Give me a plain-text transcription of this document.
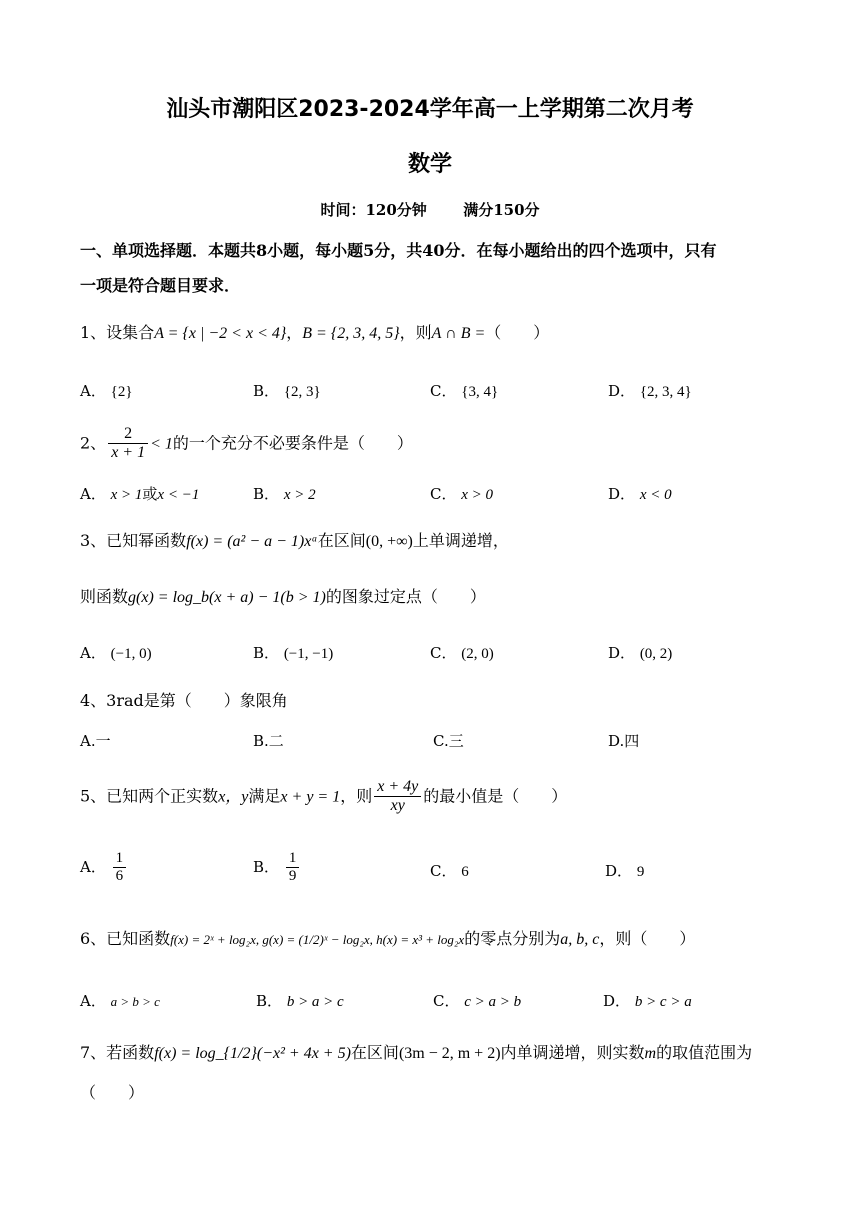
汕头市潮阳区2023-2024学年高一上学期第二次月考
数学
时间：120分钟 满分150分
一、单项选择题．本题共8小题，每小题5分，共40分．在每小题给出的四个选项中，只有
一项是符合题目要求．
1、设集合A = {x | −2 < x < 4}，B = {2, 3, 4, 5}，则A ∩ B =（　　）
A． {2}	B． {2, 3}	C． {3, 4}	D． {2, 3, 4}
2、 $\frac{2}{x + 1} < 1$的一个充分不必要条件是（　　）
A． x > 1或x < −1	B． x > 2	C． x > 0	D． x < 0
3、已知幂函数f(x) = (a² − a − 1)xᵃ在区间(0, +∞)上单调递增，
则函数g(x) = log_b(x + a) − 1(b > 1)的图象过定点（　　）
A． (−1, 0)	B． (−1, −1)	C． (2, 0)	D． (0, 2)
4、3rad是第（　　）象限角
A.一	B.二	C.三	D.四
5、已知两个正实数x，y满足x + y = 1，则 $\frac{x + 4y}{xy}$ 的最小值是（　　）
A． $\frac{1}{6}$	B． $\frac{1}{9}$	C． 6	D． 9
6、已知函数f(x) = 2ˣ + log₂x, g(x) = (1/2)ˣ − log₂x, h(x) = x³ + log₂x的零点分别为a, b, c，则（　　）
A． a > b > c	B． b > a > c	C． c > a > b	D． b > c > a
7、若函数f(x) = log_{1/2}(−x² + 4x + 5)在区间(3m − 2, m + 2)内单调递增，则实数m的取值范围为
（　　）
